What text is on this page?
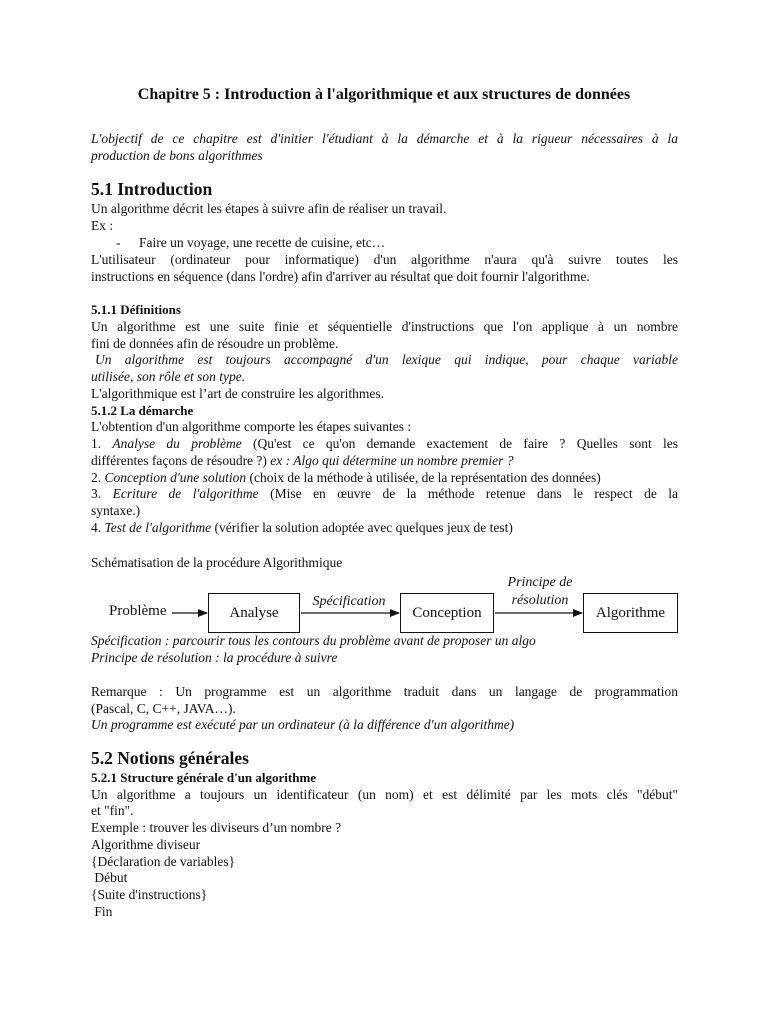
Chapitre 5 : Introduction à l'algorithmique et aux structures de données
L'objectif de ce chapitre est d'initier l'étudiant à la démarche et à la rigueur nécessaires à la
production de bons algorithmes
5.1 Introduction
Un algorithme décrit les étapes à suivre afin de réaliser un travail.
Ex :
- Faire un voyage, une recette de cuisine, etc…
L'utilisateur (ordinateur pour informatique) d'un algorithme n'aura qu'à suivre toutes les
instructions en séquence (dans l'ordre) afin d'arriver au résultat que doit fournir l'algorithme.
5.1.1 Définitions
Un algorithme est une suite finie et séquentielle d'instructions que l'on applique à un nombre
fini de données afin de résoudre un problème.
Un algorithme est toujours accompagné d'un lexique qui indique, pour chaque variable
utilisée, son rôle et son type.
L'algorithmique est l’art de construire les algorithmes.
5.1.2 La démarche
L'obtention d'un algorithme comporte les étapes suivantes :
1. Analyse du problème (Qu'est ce qu'on demande exactement de faire ? Quelles sont les
différentes façons de résoudre ?) ex : Algo qui détermine un nombre premier ?
2. Conception d'une solution (choix de la méthode à utilisée, de la représentation des données)
3. Ecriture de l'algorithme (Mise en œuvre de la méthode retenue dans le respect de la
syntaxe.)
4. Test de l'algorithme (vérifier la solution adoptée avec quelques jeux de test)
Schématisation de la procédure Algorithmique
Problème	Analyse
Spécification
Conception
Principe de
résolution
Algorithme
Spécification : parcourir tous les contours du problème avant de proposer un algo
Principe de résolution : la procédure à suivre
Remarque : Un programme est un algorithme traduit dans un langage de programmation
(Pascal, C, C++, JAVA…).
Un programme est exécuté par un ordinateur (à la différence d'un algorithme)
5.2 Notions générales
5.2.1 Structure générale d'un algorithme
Un algorithme a toujours un identificateur (un nom) et est délimité par les mots clés "début"
et "fin".
Exemple : trouver les diviseurs d’un nombre ?
Algorithme diviseur
{Déclaration de variables}
Début
{Suite d'instructions}
Fin
